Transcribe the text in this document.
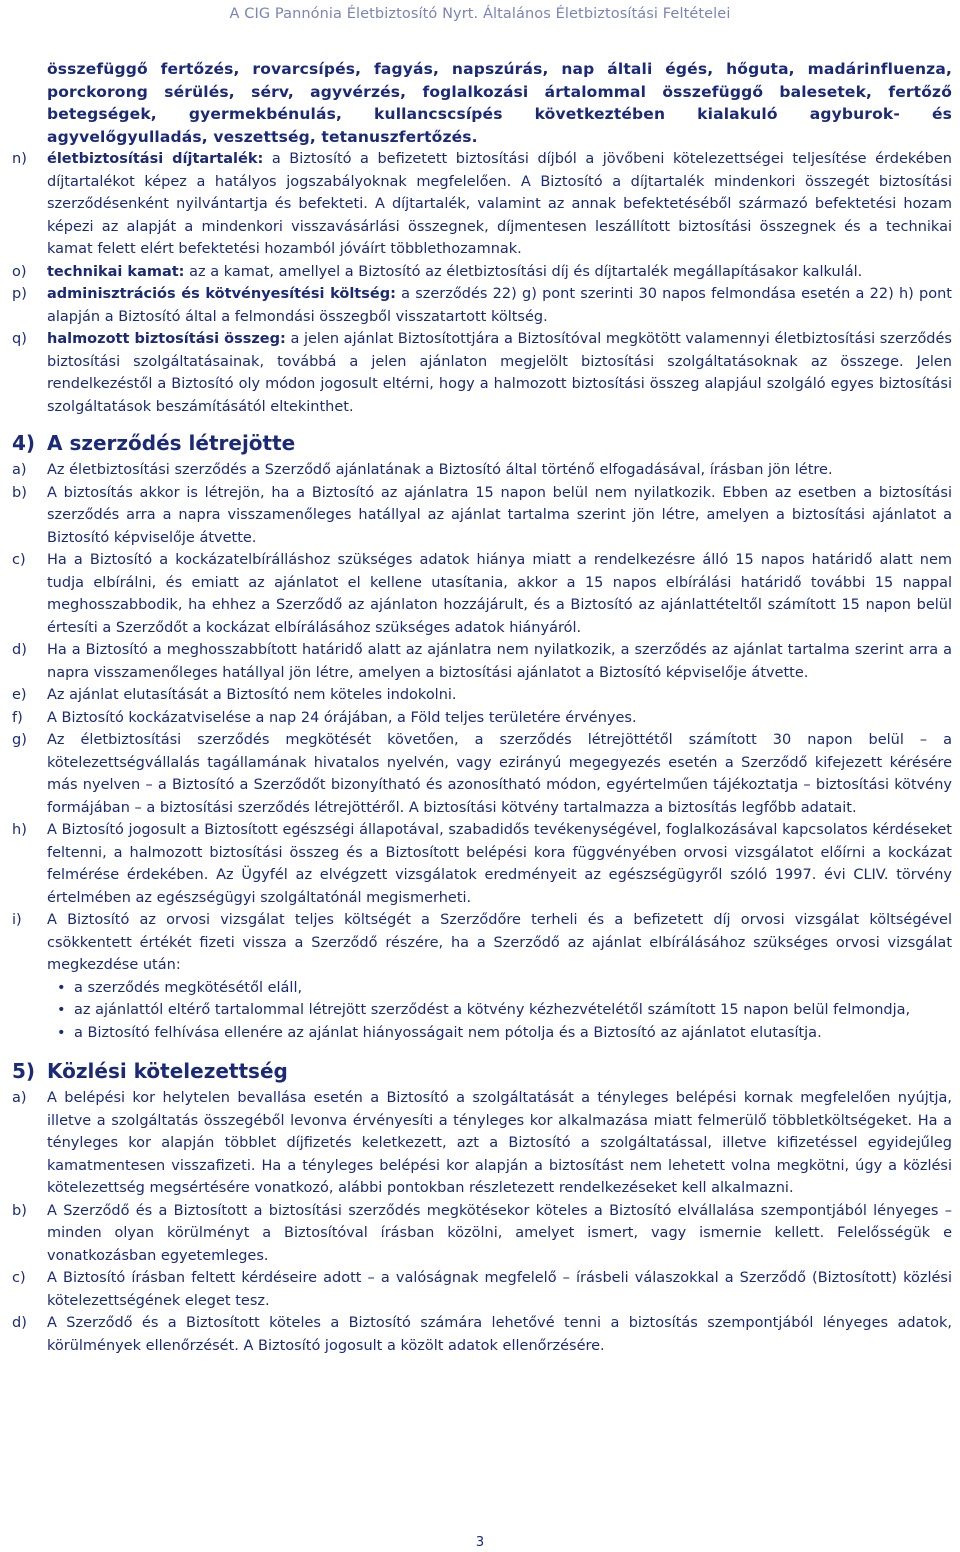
A CIG Pannónia Életbiztosító Nyrt. Általános Életbiztosítási Feltételei
összefüggő fertőzés, rovarcsípés, fagyás, napszúrás, nap általi égés, hőguta, madárinfluenza, porckorong sérülés, sérv, agyvérzés, foglalkozási ártalommal összefüggő balesetek, fertőző betegségek, gyermekbénulás, kullancscsípés következtében kialakuló agyburok- és agyvelőgyulladás, veszettség, tetanuszfertőzés.
n) életbiztosítási díjtartalék: a Biztosító a befizetett biztosítási díjból a jövőbeni kötelezettségei teljesítése érdekében díjtartalékot képez a hatályos jogszabályoknak megfelelően. A Biztosító a díjtartalék mindenkori összegét biztosítási szerződésenként nyilvántartja és befekteti. A díjtartalék, valamint az annak befektetéséből származó befektetési hozam képezi az alapját a mindenkori visszavásárlási összegnek, díjmentesen leszállított biztosítási összegnek és a technikai kamat felett elért befektetési hozamból jóváírt többlethozamnak.
o) technikai kamat: az a kamat, amellyel a Biztosító az életbiztosítási díj és díjtartalék megállapításakor kalkulál.
p) adminisztrációs és kötvényesítési költség: a szerződés 22) g) pont szerinti 30 napos felmondása esetén a 22) h) pont alapján a Biztosító által a felmondási összegből visszatartott költség.
q) halmozott biztosítási összeg: a jelen ajánlat Biztosítottjára a Biztosítóval megkötött valamennyi életbiztosítási szerződés biztosítási szolgáltatásainak, továbbá a jelen ajánlaton megjelölt biztosítási szolgáltatásoknak az összege. Jelen rendelkezéstől a Biztosító oly módon jogosult eltérni, hogy a halmozott biztosítási összeg alapjául szolgáló egyes biztosítási szolgáltatások beszámításától eltekinthet.
4) A szerződés létrejötte
a) Az életbiztosítási szerződés a Szerződő ajánlatának a Biztosító által történő elfogadásával, írásban jön létre.
b) A biztosítás akkor is létrejön, ha a Biztosító az ajánlatra 15 napon belül nem nyilatkozik. Ebben az esetben a biztosítási szerződés arra a napra visszamenőleges hatállyal az ajánlat tartalma szerint jön létre, amelyen a biztosítási ajánlatot a Biztosító képviselője átvette.
c) Ha a Biztosító a kockázatelbírálláshoz szükséges adatok hiánya miatt a rendelkezésre álló 15 napos határidő alatt nem tudja elbírálni, és emiatt az ajánlatot el kellene utasítania, akkor a 15 napos elbírálási határidő további 15 nappal meghosszabbodik, ha ehhez a Szerződő az ajánlaton hozzájárult, és a Biztosító az ajánlattételtől számított 15 napon belül értesíti a Szerződőt a kockázat elbírálásához szükséges adatok hiányáról.
d) Ha a Biztosító a meghosszabbított határidő alatt az ajánlatra nem nyilatkozik, a szerződés az ajánlat tartalma szerint arra a napra visszamenőleges hatállyal jön létre, amelyen a biztosítási ajánlatot a Biztosító képviselője átvette.
e) Az ajánlat elutasítását a Biztosító nem köteles indokolni.
f) A Biztosító kockázatviselése a nap 24 órájában, a Föld teljes területére érvényes.
g) Az életbiztosítási szerződés megkötését követően, a szerződés létrejöttétől számított 30 napon belül – a kötelezettségvállalás tagállamának hivatalos nyelvén, vagy ezirányú megegyezés esetén a Szerződő kifejezett kérésére más nyelven – a Biztosító a Szerződőt bizonyítható és azonosítható módon, egyértelműen tájékoztatja – biztosítási kötvény formájában – a biztosítási szerződés létrejöttéről. A biztosítási kötvény tartalmazza a biztosítás legfőbb adatait.
h) A Biztosító jogosult a Biztosított egészségi állapotával, szabadidős tevékenységével, foglalkozásával kapcsolatos kérdéseket feltenni, a halmozott biztosítási összeg és a Biztosított belépési kora függvényében orvosi vizsgálatot előírni a kockázat felmérése érdekében. Az Ügyfél az elvégzett vizsgálatok eredményeit az egészségügyről szóló 1997. évi CLIV. törvény értelmében az egészségügyi szolgáltatónál megismerheti.
i) A Biztosító az orvosi vizsgálat teljes költségét a Szerződőre terheli és a befizetett díj orvosi vizsgálat költségével csökkentett értékét fizeti vissza a Szerződő részére, ha a Szerződő az ajánlat elbírálásához szükséges orvosi vizsgálat megkezdése után:
• a szerződés megkötésétől eláll,
• az ajánlattól eltérő tartalommal létrejött szerződést a kötvény kézhezvételétől számított 15 napon belül felmondja,
• a Biztosító felhívása ellenére az ajánlat hiányosságait nem pótolja és a Biztosító az ajánlatot elutasítja.
5) Közlési kötelezettség
a) A belépési kor helytelen bevallása esetén a Biztosító a szolgáltatását a tényleges belépési kornak megfelelően nyújtja, illetve a szolgáltatás összegéből levonva érvényesíti a tényleges kor alkalmazása miatt felmerülő többletköltségeket. Ha a tényleges kor alapján többlet díjfizetés keletkezett, azt a Biztosító a szolgáltatással, illetve kifizetéssel egyidejűleg kamatmentesen visszafizeti. Ha a tényleges belépési kor alapján a biztosítást nem lehetett volna megkötni, úgy a közlési kötelezettség megsértésére vonatkozó, alábbi pontokban részletezett rendelkezéseket kell alkalmazni.
b) A Szerződő és a Biztosított a biztosítási szerződés megkötésekor köteles a Biztosító elvállalása szempontjából lényeges – minden olyan körülményt a Biztosítóval írásban közölni, amelyet ismert, vagy ismernie kellett. Felelősségük e vonatkozásban egyetemleges.
c) A Biztosító írásban feltett kérdéseire adott – a valóságnak megfelelő – írásbeli válaszokkal a Szerződő (Biztosított) közlési kötelezettségének eleget tesz.
d) A Szerződő és a Biztosított köteles a Biztosító számára lehetővé tenni a biztosítás szempontjából lényeges adatok, körülmények ellenőrzését. A Biztosító jogosult a közölt adatok ellenőrzésére.
3
